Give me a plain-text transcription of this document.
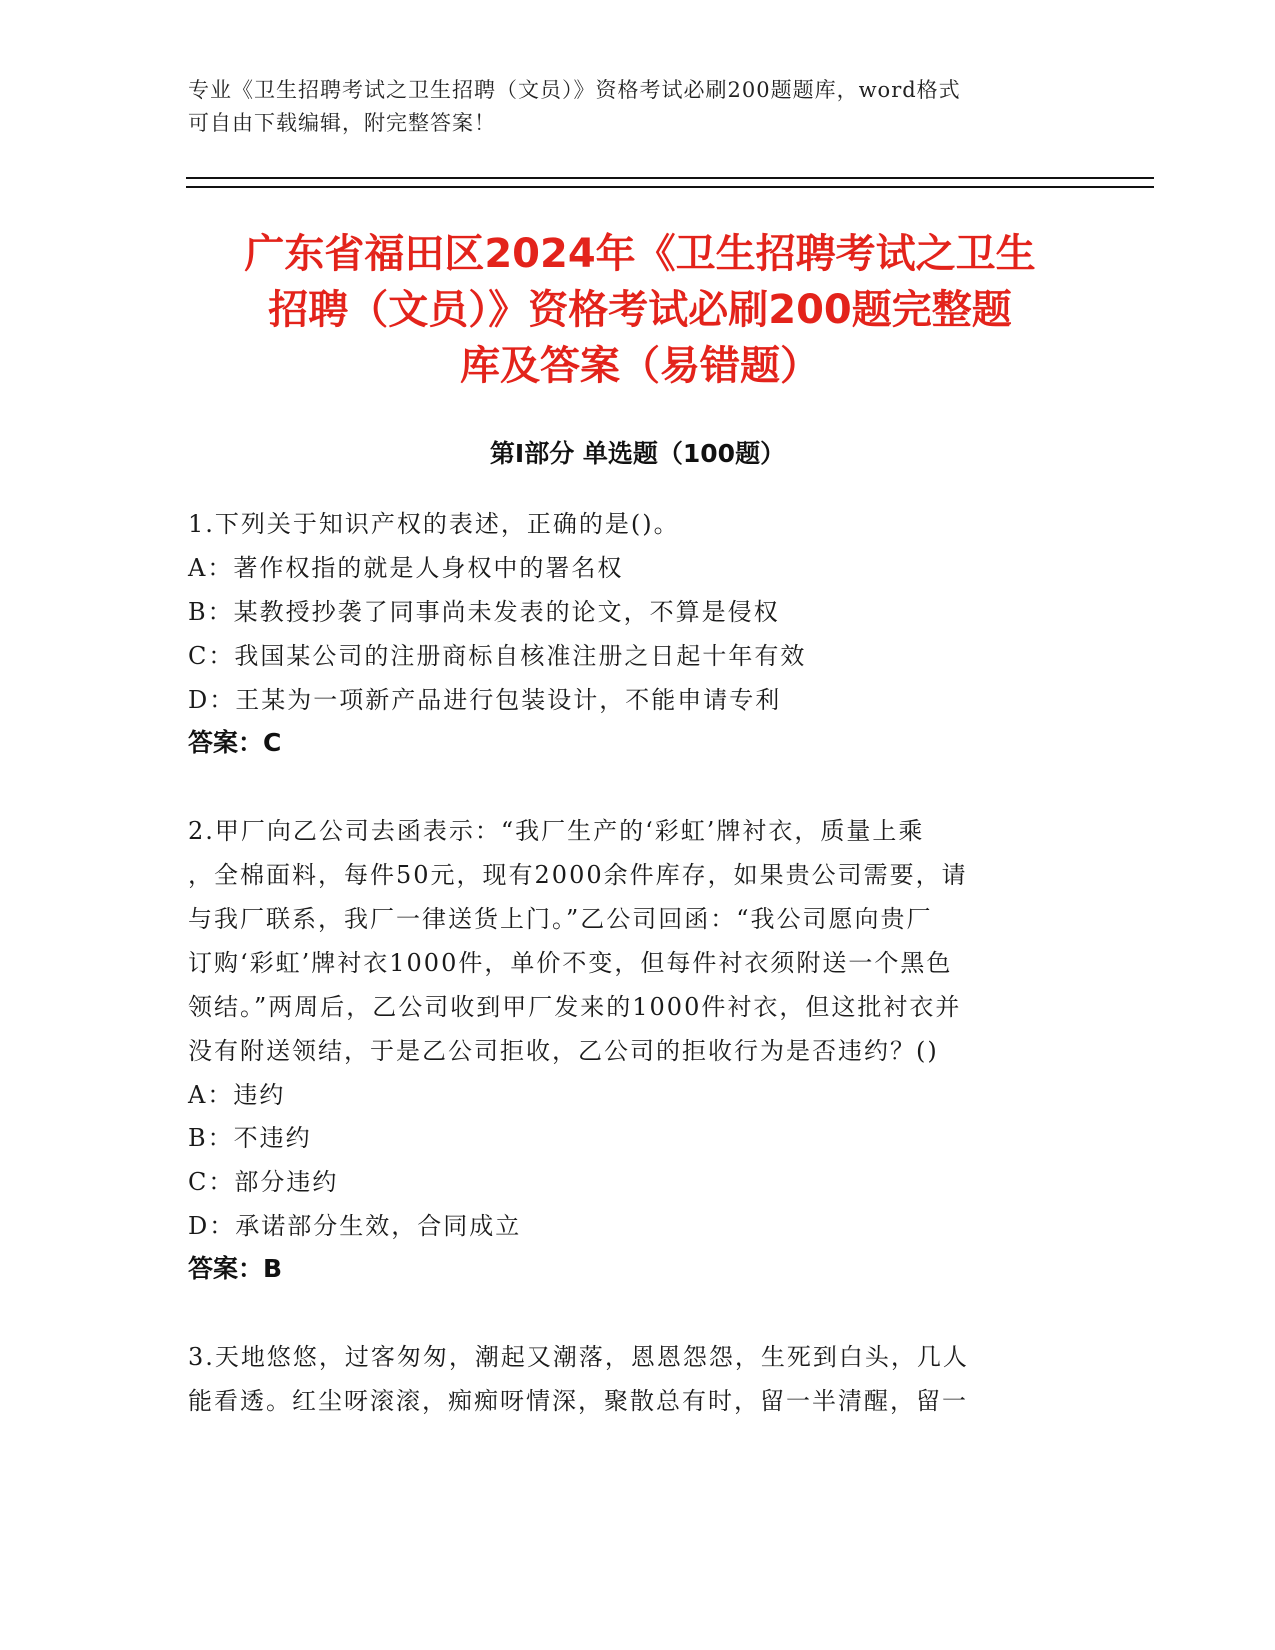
专业《卫生招聘考试之卫生招聘（文员）》资格考试必刷200题题库，word格式
可自由下载编辑，附完整答案！
广东省福田区2024年《卫生招聘考试之卫生
招聘（文员）》资格考试必刷200题完整题
库及答案（易错题）
第Ⅰ部分 单选题（100题）
1.下列关于知识产权的表述，正确的是()。
A：著作权指的就是人身权中的署名权
B：某教授抄袭了同事尚未发表的论文，不算是侵权
C：我国某公司的注册商标自核准注册之日起十年有效
D：王某为一项新产品进行包装设计，不能申请专利
答案：C
2.甲厂向乙公司去函表示：“我厂生产的‘彩虹’牌衬衣，质量上乘
，全棉面料，每件50元，现有2000余件库存，如果贵公司需要，请
与我厂联系，我厂一律送货上门。”乙公司回函：“我公司愿向贵厂
订购‘彩虹’牌衬衣1000件，单价不变，但每件衬衣须附送一个黑色
领结。”两周后，乙公司收到甲厂发来的1000件衬衣，但这批衬衣并
没有附送领结，于是乙公司拒收，乙公司的拒收行为是否违约？()
A：违约
B：不违约
C：部分违约
D：承诺部分生效，合同成立
答案：B
3.天地悠悠，过客匆匆，潮起又潮落，恩恩怨怨，生死到白头，几人
能看透。红尘呀滚滚，痴痴呀情深，聚散总有时，留一半清醒，留一
